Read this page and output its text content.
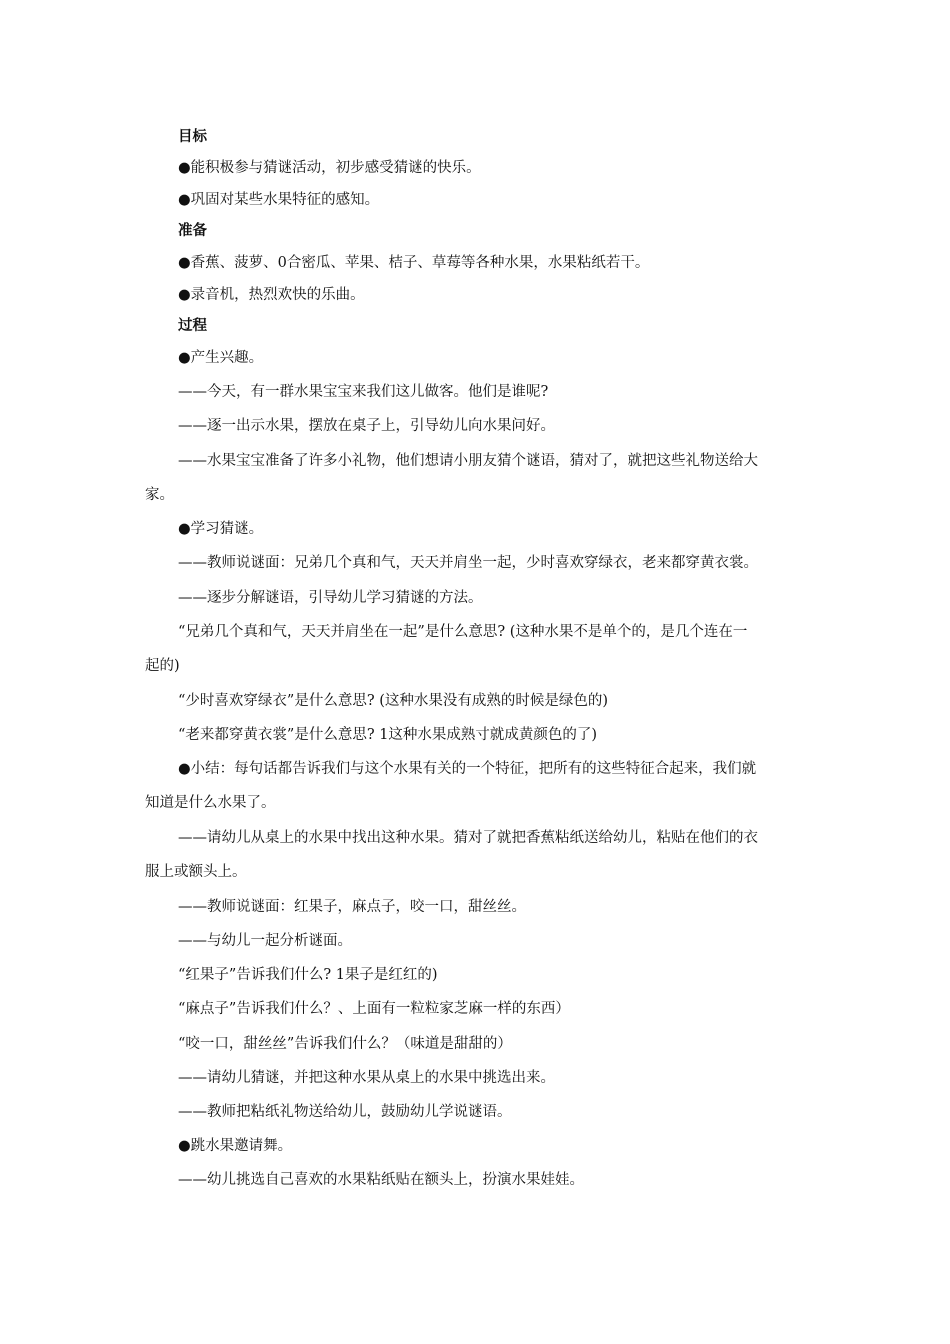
目标
●能积极参与猜谜活动，初步感受猜谜的快乐。
●巩固对某些水果特征的感知。
准备
●香蕉、菠萝、0合密瓜、苹果、桔子、草莓等各种水果，水果粘纸若干。
●录音机，热烈欢快的乐曲。
过程
●产生兴趣。
——今天，有一群水果宝宝来我们这儿做客。他们是谁呢?
——逐一出示水果，摆放在桌子上，引导幼儿向水果问好。
——水果宝宝准备了许多小礼物，他们想请小朋友猜个谜语，猜对了，就把这些礼物送给大
家。
●学习猜谜。
——教师说谜面：兄弟几个真和气，天天并肩坐一起，少时喜欢穿绿衣，老来都穿黄衣裳。
——逐步分解谜语，引导幼儿学习猜谜的方法。
“兄弟几个真和气，天天并肩坐在一起”是什么意思? (这种水果不是单个的，是几个连在一
起的)
“少时喜欢穿绿衣”是什么意思? (这种水果没有成熟的时候是绿色的)
“老来都穿黄衣裳”是什么意思? 1这种水果成熟寸就成黄颜色的了)
●小结：每句话都告诉我们与这个水果有关的一个特征，把所有的这些特征合起来，我们就
知道是什么水果了。
——请幼儿从桌上的水果中找出这种水果。猜对了就把香蕉粘纸送给幼儿，粘贴在他们的衣
服上或额头上。
——教师说谜面：红果子，麻点子，咬一口，甜丝丝。
——与幼儿一起分析谜面。
“红果子”告诉我们什么? 1果子是红红的)
“麻点子”告诉我们什么？、上面有一粒粒家芝麻一样的东西）
“咬一口，甜丝丝”告诉我们什么？（味道是甜甜的）
——请幼儿猜谜，并把这种水果从桌上的水果中挑选出来。
——教师把粘纸礼物送给幼儿，鼓励幼儿学说谜语。
●跳水果邀请舞。
——幼儿挑选自己喜欢的水果粘纸贴在额头上，扮演水果娃娃。
